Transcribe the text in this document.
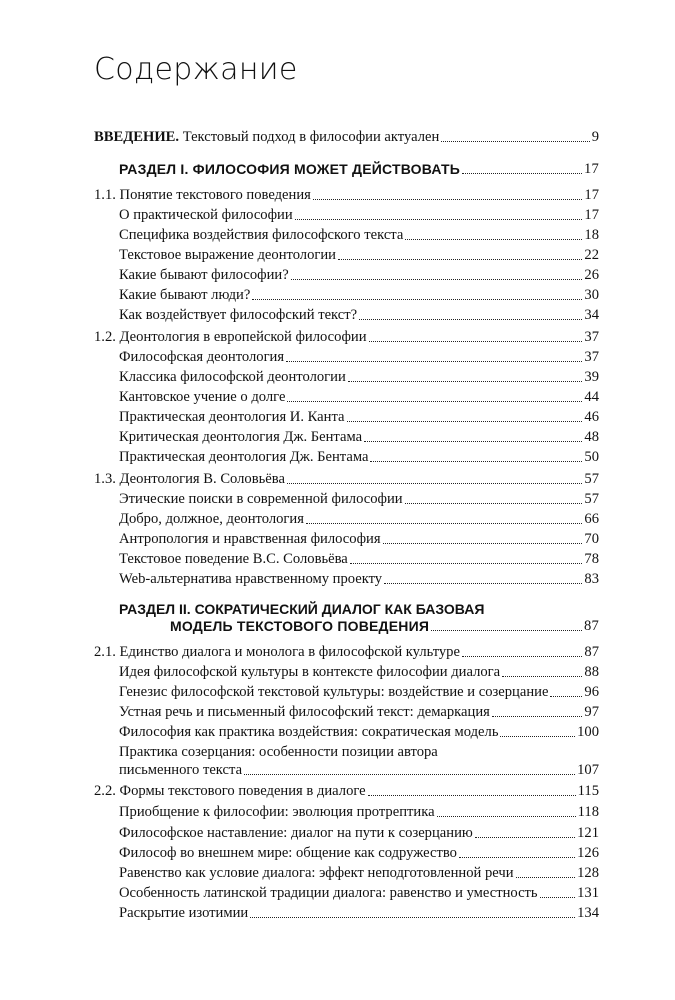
Содержание
ВВЕДЕНИЕ. Текстовый подход в философии актуален	9
РАЗДЕЛ I. ФИЛОСОФИЯ МОЖЕТ ДЕЙСТВОВАТЬ	17
1.1. Понятие текстового поведения	17
О практической философии	17
Специфика воздействия философского текста	18
Текстовое выражение деонтологии	22
Какие бывают философии?	26
Какие бывают люди?	30
Как воздействует философский текст?	34
1.2. Деонтология в европейской философии	37
Философская деонтология	37
Классика философской деонтологии	39
Кантовское учение о долге	44
Практическая деонтология И. Канта	46
Критическая деонтология Дж. Бентама	48
Практическая деонтология Дж. Бентама	50
1.3. Деонтология В. Соловьёва	57
Этические поиски в современной философии	57
Добро, должное, деонтология	66
Антропология и нравственная философия	70
Текстовое поведение В.С. Соловьёва	78
Web-альтернатива нравственному проекту	83
РАЗДЕЛ II. СОКРАТИЧЕСКИЙ ДИАЛОГ КАК БАЗОВАЯ
МОДЕЛЬ ТЕКСТОВОГО ПОВЕДЕНИЯ	87
2.1. Единство диалога и монолога в философской культуре	87
Идея философской культуры в контексте философии диалога	88
Генезис философской текстовой культуры: воздействие и созерцание 96
Устная речь и письменный философский текст: демаркация	97
Философия как практика воздействия: сократическая модель	100
Практика созерцания: особенности позиции автора
письменного текста	107
2.2. Формы текстового поведения в диалоге	115
Приобщение к философии: эволюция протрептика	118
Философское наставление: диалог на пути к созерцанию	121
Философ во внешнем мире: общение как содружество	126
Равенство как условие диалога: эффект неподготовленной речи	128
Особенность латинской традиции диалога: равенство и уместность	131
Раскрытие изотимии	134
